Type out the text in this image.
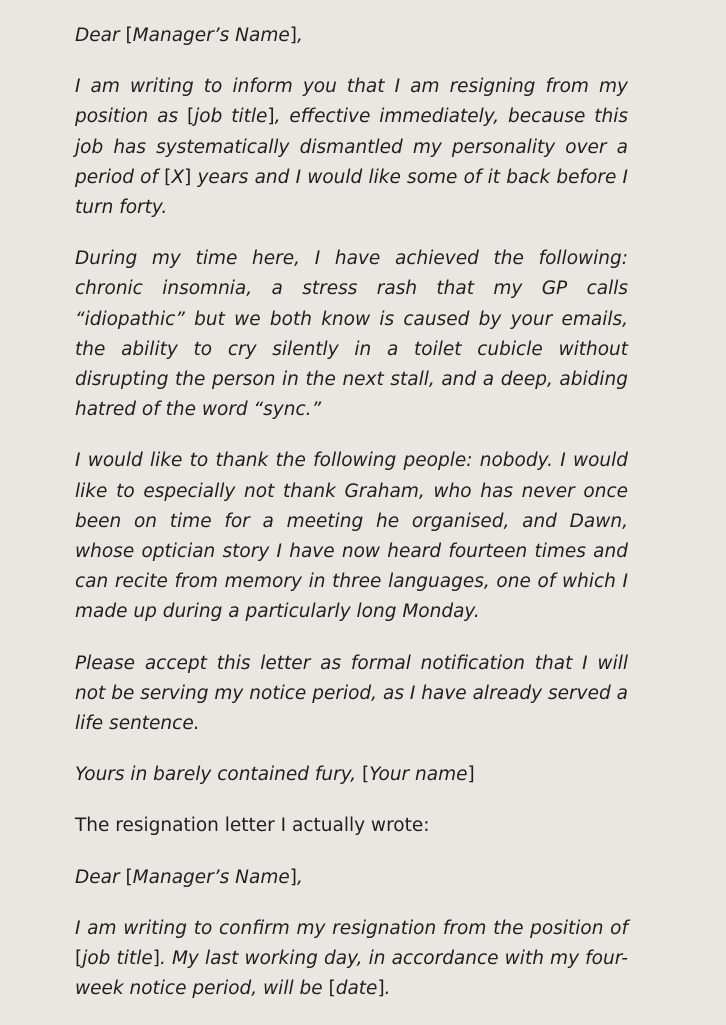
Dear [Manager’s Name],

I am writing to inform you that I am resigning from my position as [job title], effective immediately, because this job has systematically dismantled my personality over a period of [X] years and I would like some of it back before I turn forty.

During my time here, I have achieved the following: chronic insomnia, a stress rash that my GP calls “idiopathic” but we both know is caused by your emails, the ability to cry silently in a toilet cubicle without disrupting the person in the next stall, and a deep, abiding hatred of the word “sync.”

I would like to thank the following people: nobody. I would like to especially not thank Graham, who has never once been on time for a meeting he organised, and Dawn, whose optician story I have now heard fourteen times and can recite from memory in three languages, one of which I made up during a particularly long Monday.

Please accept this letter as formal notification that I will not be serving my notice period, as I have already served a life sentence.

Yours in barely contained fury, [Your name]

The resignation letter I actually wrote:

Dear [Manager’s Name],

I am writing to confirm my resignation from the position of [job title]. My last working day, in accordance with my four-week notice period, will be [date].
